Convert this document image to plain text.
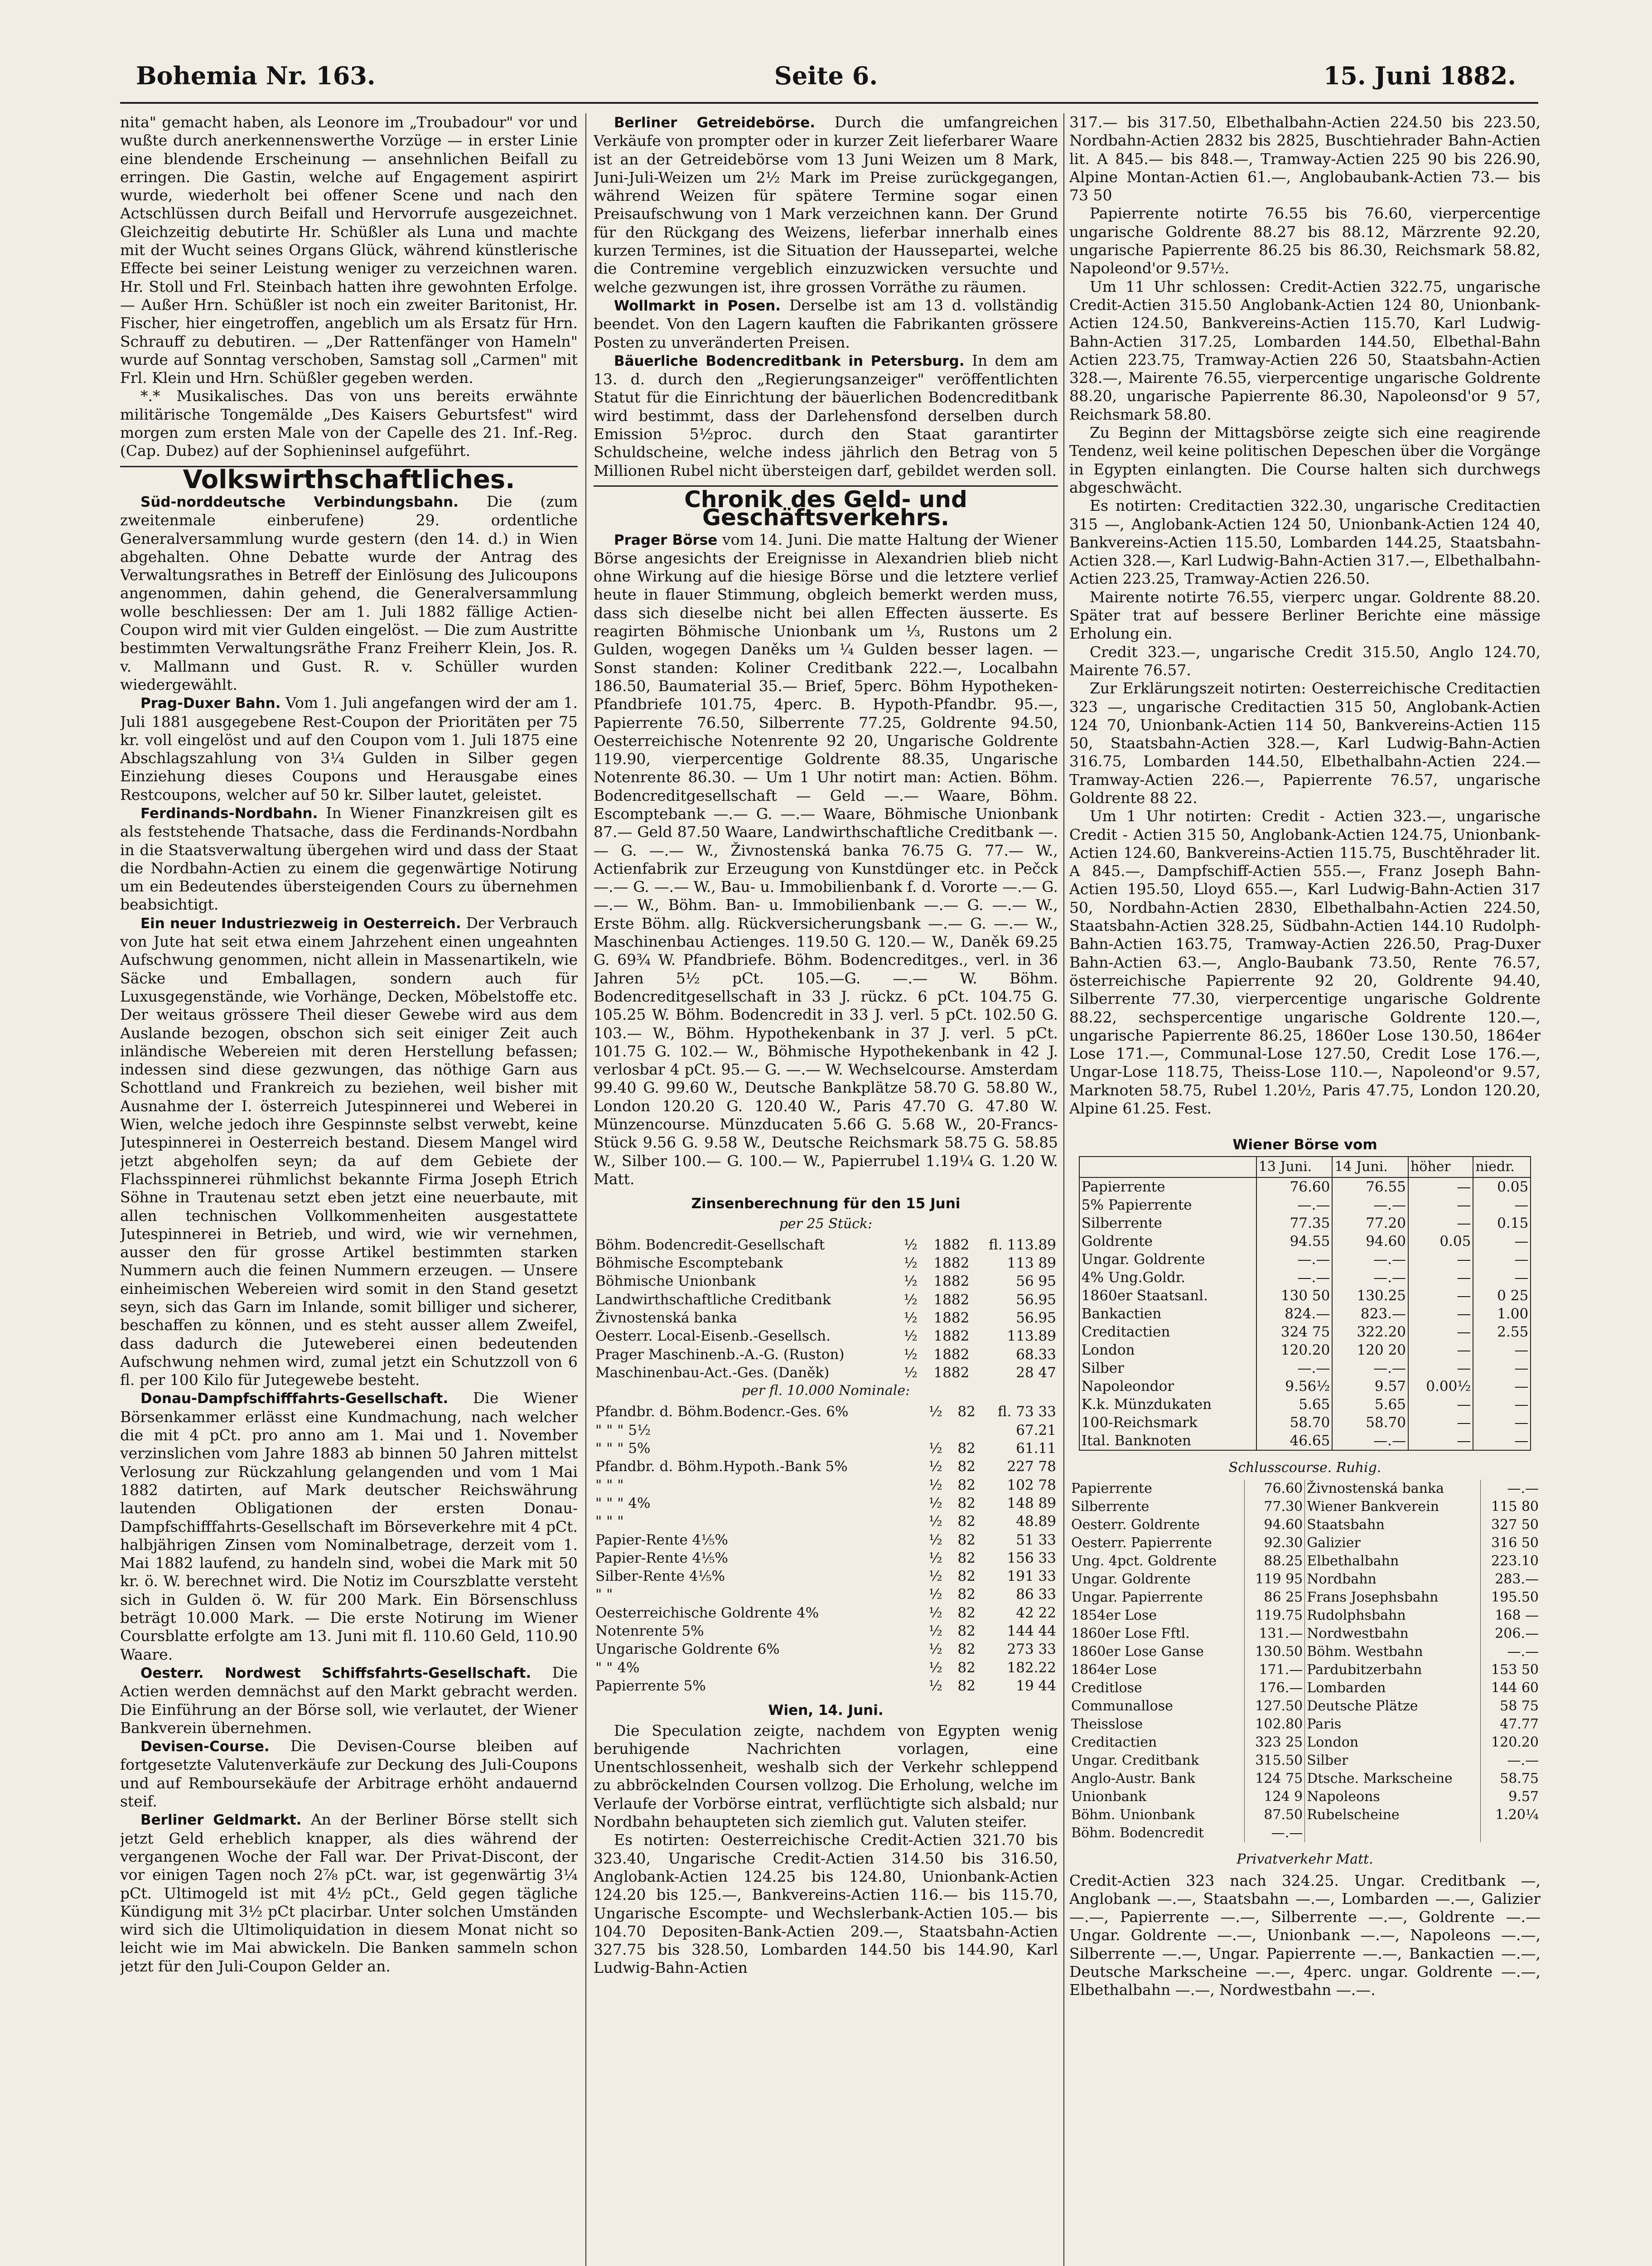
Bohemia Nr. 163.	Seite 6.	15. Juni 1882.

nita" gemacht haben, als Leonore im „Troubadour" vor und wußte durch anerkennenswerthe Vorzüge — in erster Linie eine blendende Erscheinung — ansehnlichen Beifall zu erringen. Die Gastin, welche auf Engagement aspirirt wurde, wiederholt bei offener Scene und nach den Actschlüssen durch Beifall und Hervorrufe ausgezeichnet. Gleichzeitig debutirte Hr. Schüßler als Luna und machte mit der Wucht seines Organs Glück, während künstlerische Effecte bei seiner Leistung weniger zu verzeichnen waren. Hr. Stoll und Frl. Steinbach hatten ihre gewohnten Erfolge. — Außer Hrn. Schüßler ist noch ein zweiter Baritonist, Hr. Fischer, hier eingetroffen, angeblich um als Ersatz für Hrn. Schrauff zu debutiren. — „Der Rattenfänger von Hameln" wurde auf Sonntag verschoben, Samstag soll „Carmen" mit Frl. Klein und Hrn. Schüßler gegeben werden.

*.* Musikalisches. Das von uns bereits erwähnte militärische Tongemälde „Des Kaisers Geburtsfest" wird morgen zum ersten Male von der Capelle des 21. Inf.-Reg. (Cap. Dubez) auf der Sophieninsel aufgeführt.

Volkswirthschaftliches.

Süd-norddeutsche Verbindungsbahn. Die (zum zweitenmale einberufene) 29. ordentliche Generalversammlung wurde gestern (den 14. d.) in Wien abgehalten. Ohne Debatte wurde der Antrag des Verwaltungsrathes in Betreff der Einlösung des Julicoupons angenommen, dahin gehend, die Generalversammlung wolle beschliessen: Der am 1. Juli 1882 fällige Actien-Coupon wird mit vier Gulden eingelöst. — Die zum Austritte bestimmten Verwaltungsräthe Franz Freiherr Klein, Jos. R. v. Mallmann und Gust. R. v. Schüller wurden wiedergewählt.

Prag-Duxer Bahn. Vom 1. Juli angefangen wird der am 1. Juli 1881 ausgegebene Rest-Coupon der Prioritäten per 75 kr. voll eingelöst und auf den Coupon vom 1. Juli 1875 eine Abschlagszahlung von 3¼ Gulden in Silber gegen Einziehung dieses Coupons und Herausgabe eines Restcoupons, welcher auf 50 kr. Silber lautet, geleistet.

Ferdinands-Nordbahn. In Wiener Finanzkreisen gilt es als feststehende Thatsache, dass die Ferdinands-Nordbahn in die Staatsverwaltung übergehen wird und dass der Staat die Nordbahn-Actien zu einem die gegenwärtige Notirung um ein Bedeutendes übersteigenden Cours zu übernehmen beabsichtigt.

Ein neuer Industriezweig in Oesterreich. Der Verbrauch von Jute hat seit etwa einem Jahrzehent einen ungeahnten Aufschwung genommen, nicht allein in Massenartikeln, wie Säcke und Emballagen, sondern auch für Luxusgegenstände, wie Vorhänge, Decken, Möbelstoffe etc. Der weitaus grössere Theil dieser Gewebe wird aus dem Auslande bezogen, obschon sich seit einiger Zeit auch inländische Webereien mit deren Herstellung befassen; indessen sind diese gezwungen, das nöthige Garn aus Schottland und Frankreich zu beziehen, weil bisher mit Ausnahme der I. österreich Jutespinnerei und Weberei in Wien, welche jedoch ihre Gespinnste selbst verwebt, keine Jutespinnerei in Oesterreich bestand. Diesem Mangel wird jetzt abgeholfen seyn; da auf dem Gebiete der Flachsspinnerei rühmlichst bekannte Firma Joseph Etrich Söhne in Trautenau setzt eben jetzt eine neuerbaute, mit allen technischen Vollkommenheiten ausgestattete Jutespinnerei in Betrieb, und wird, wie wir vernehmen, ausser den für grosse Artikel bestimmten starken Nummern auch die feinen Nummern erzeugen. — Unsere einheimischen Webereien wird somit in den Stand gesetzt seyn, sich das Garn im Inlande, somit billiger und sicherer, beschaffen zu können, und es steht ausser allem Zweifel, dass dadurch die Juteweberei einen bedeutenden Aufschwung nehmen wird, zumal jetzt ein Schutzzoll von 6 fl. per 100 Kilo für Jutegewebe besteht.

Donau-Dampfschifffahrts-Gesellschaft. Die Wiener Börsenkammer erlässt eine Kundmachung, nach welcher die mit 4 pCt. pro anno am 1. Mai und 1. November verzinslichen vom Jahre 1883 ab binnen 50 Jahren mittelst Verlosung zur Rückzahlung gelangenden und vom 1 Mai 1882 datirten, auf Mark deutscher Reichswährung lautenden Obligationen der ersten Donau-Dampfschifffahrts-Gesellschaft im Börseverkehre mit 4 pCt. halbjährigen Zinsen vom Nominalbetrage, derzeit vom 1. Mai 1882 laufend, zu handeln sind, wobei die Mark mit 50 kr. ö. W. berechnet wird. Die Notiz im Courszblatte versteht sich in Gulden ö. W. für 200 Mark. Ein Börsenschluss beträgt 10.000 Mark. — Die erste Notirung im Wiener Coursblatte erfolgte am 13. Juni mit fl. 110.60 Geld, 110.90 Waare.

Oesterr. Nordwest Schiffsfahrts-Gesellschaft. Die Actien werden demnächst auf den Markt gebracht werden. Die Einführung an der Börse soll, wie verlautet, der Wiener Bankverein übernehmen.

Devisen-Course. Die Devisen-Course bleiben auf fortgesetzte Valutenverkäufe zur Deckung des Juli-Coupons und auf Remboursekäufe der Arbitrage erhöht andauernd steif.

Berliner Geldmarkt. An der Berliner Börse stellt sich jetzt Geld erheblich knapper, als dies während der vergangenen Woche der Fall war. Der Privat-Discont, der vor einigen Tagen noch 2⅞ pCt. war, ist gegenwärtig 3¼ pCt. Ultimogeld ist mit 4½ pCt., Geld gegen tägliche Kündigung mit 3½ pCt placirbar. Unter solchen Umständen wird sich die Ultimoliquidation in diesem Monat nicht so leicht wie im Mai abwickeln. Die Banken sammeln schon jetzt für den Juli-Coupon Gelder an.

Berliner Getreidebörse. Durch die umfangreichen Verkäufe von prompter oder in kurzer Zeit lieferbarer Waare ist an der Getreidebörse vom 13 Juni Weizen um 8 Mark, Juni-Juli-Weizen um 2½ Mark im Preise zurückgegangen, während Weizen für spätere Termine sogar einen Preisaufschwung von 1 Mark verzeichnen kann. Der Grund für den Rückgang des Weizens, lieferbar innerhalb eines kurzen Termines, ist die Situation der Haussepartei, welche die Contremine vergeblich einzuzwicken versuchte und welche gezwungen ist, ihre grossen Vorräthe zu räumen.

Wollmarkt in Posen. Derselbe ist am 13 d. vollständig beendet. Von den Lagern kauften die Fabrikanten grössere Posten zu unveränderten Preisen.

Bäuerliche Bodencreditbank in Petersburg. In dem am 13. d. durch den „Regierungsanzeiger" veröffentlichten Statut für die Einrichtung der bäuerlichen Bodencreditbank wird bestimmt, dass der Darlehensfond derselben durch Emission 5½proc. durch den Staat garantirter Schuldscheine, welche indess jährlich den Betrag von 5 Millionen Rubel nicht übersteigen darf, gebildet werden soll.

Chronik des Geld- und Geschäftsverkehrs.

Prager Börse vom 14. Juni. Die matte Haltung der Wiener Börse angesichts der Ereignisse in Alexandrien blieb nicht ohne Wirkung auf die hiesige Börse und die letztere verlief heute in flauer Stimmung, obgleich bemerkt werden muss, dass sich dieselbe nicht bei allen Effecten äusserte. Es reagirten Böhmische Unionbank um ⅓, Rustons um 2 Gulden, wogegen Daněks um ¼ Gulden besser lagen. — Sonst standen: Koliner Creditbank 222.—, Localbahn 186.50, Baumaterial 35.— Brief, 5perc. Böhm Hypotheken-Pfandbriefe 101.75, 4perc. B. Hypoth-Pfandbr. 95.—, Papierrente 76.50, Silberrente 77.25, Goldrente 94.50, Oesterreichische Notenrente 92 20, Ungarische Goldrente 119.90, vierpercentige Goldrente 88.35, Ungarische Notenrente 86.30. — Um 1 Uhr notirt man: Actien. Böhm. Bodencreditgesellschaft — Geld —.— Waare, Böhm. Escomptebank —.— G. —.— Waare, Böhmische Unionbank 87.— Geld 87.50 Waare, Landwirthschaftliche Creditbank —.— G. —.— W., Živnostenská banka 76.75 G. 77.— W., Actienfabrik zur Erzeugung von Kunstdünger etc. in Pečck —.— G. —.— W., Bau- u. Immobilienbank f. d. Vororte —.— G. —.— W., Böhm. Ban- u. Immobilienbank —.— G. —.— W., Erste Böhm. allg. Rückversicherungsbank —.— G. —.— W., Maschinenbau Actienges. 119.50 G. 120.— W., Daněk 69.25 G. 69¾ W. Pfandbriefe. Böhm. Bodencreditges., verl. in 36 Jahren 5½ pCt. 105.—G. —.— W. Böhm. Bodencreditgesellschaft in 33 J. rückz. 6 pCt. 104.75 G. 105.25 W. Böhm. Bodencredit in 33 J. verl. 5 pCt. 102.50 G. 103.— W., Böhm. Hypothekenbank in 37 J. verl. 5 pCt. 101.75 G. 102.— W., Böhmische Hypothekenbank in 42 J. verlosbar 4 pCt. 95.— G. —.— W. Wechselcourse. Amsterdam 99.40 G. 99.60 W., Deutsche Bankplätze 58.70 G. 58.80 W., London 120.20 G. 120.40 W., Paris 47.70 G. 47.80 W. Münzencourse. Münzducaten 5.66 G. 5.68 W., 20-Francs-Stück 9.56 G. 9.58 W., Deutsche Reichsmark 58.75 G. 58.85 W., Silber 100.— G. 100.— W., Papierrubel 1.19¼ G. 1.20 W. Matt.

Zinsenberechnung für den 15 Juni
per 25 Stück:
Böhm. Bodencredit-Gesellschaft	½	1882	fl. 113.89
Böhmische Escomptebank	½	1882	113 89
Böhmische Unionbank	½	1882	56 95
Landwirthschaftliche Creditbank	½	1882	56.95
Živnostenská banka	½	1882	56.95
Oesterr. Local-Eisenb.-Gesellsch.	½	1882	113.89
Prager Maschinenb.-A.-G. (Ruston)	½	1882	68.33
Maschinenbau-Act.-Ges. (Daněk)	½	1882	28 47
per fl. 10.000 Nominale:
Pfandbr. d. Böhm.Bodencr.-Ges. 6%	½	82	fl. 73 33
" " " 5½			67.21
" " " 5%	½	82	61.11
Pfandbr. d. Böhm.Hypoth.-Bank 5%	½	82	227 78
" " "	½	82	102 78
" " " 4%	½	82	148 89
" " "	½	82	48.89
Papier-Rente 4⅕%	½	82	51 33
Papier-Rente 4⅕%	½	82	156 33
Silber-Rente 4⅕%	½	82	191 33
" "	½	82	86 33
Oesterreichische Goldrente 4%	½	82	42 22
Notenrente 5%	½	82	144 44
Ungarische Goldrente 6%	½	82	273 33
" " 4%	½	82	182.22
Papierrente 5%	½	82	19 44
Wien, 14. Juni.

Die Speculation zeigte, nachdem von Egypten wenig beruhigende Nachrichten vorlagen, eine Unentschlossenheit, weshalb sich der Verkehr schleppend zu abbröckelnden Coursen vollzog. Die Erholung, welche im Verlaufe der Vorbörse eintrat, verflüchtigte sich alsbald; nur Nordbahn behaupteten sich ziemlich gut. Valuten steifer.

Es notirten: Oesterreichische Credit-Actien 321.70 bis 323.40, Ungarische Credit-Actien 314.50 bis 316.50, Anglobank-Actien 124.25 bis 124.80, Unionbank-Actien 124.20 bis 125.—, Bankvereins-Actien 116.— bis 115.70, Ungarische Escompte- und Wechslerbank-Actien 105.— bis 104.70 Depositen-Bank-Actien 209.—, Staatsbahn-Actien 327.75 bis 328.50, Lombarden 144.50 bis 144.90, Karl Ludwig-Bahn-Actien

317.— bis 317.50, Elbethalbahn-Actien 224.50 bis 223.50, Nordbahn-Actien 2832 bis 2825, Buschtiehrader Bahn-Actien lit. A 845.— bis 848.—, Tramway-Actien 225 90 bis 226.90, Alpine Montan-Actien 61.—, Anglobaubank-Actien 73.— bis 73 50

Papierrente notirte 76.55 bis 76.60, vierpercentige ungarische Goldrente 88.27 bis 88.12, Märzrente 92.20, ungarische Papierrente 86.25 bis 86.30, Reichsmark 58.82, Napoleond'or 9.57½.

Um 11 Uhr schlossen: Credit-Actien 322.75, ungarische Credit-Actien 315.50 Anglobank-Actien 124 80, Unionbank-Actien 124.50, Bankvereins-Actien 115.70, Karl Ludwig-Bahn-Actien 317.25, Lombarden 144.50, Elbethal-Bahn Actien 223.75, Tramway-Actien 226 50, Staatsbahn-Actien 328.—, Mairente 76.55, vierpercentige ungarische Goldrente 88.20, ungarische Papierrente 86.30, Napoleonsd'or 9 57, Reichsmark 58.80.

Zu Beginn der Mittagsbörse zeigte sich eine reagirende Tendenz, weil keine politischen Depeschen über die Vorgänge in Egypten einlangten. Die Course halten sich durchwegs abgeschwächt.

Es notirten: Creditactien 322.30, ungarische Creditactien 315 —, Anglobank-Actien 124 50, Unionbank-Actien 124 40, Bankvereins-Actien 115.50, Lombarden 144.25, Staatsbahn-Actien 328.—, Karl Ludwig-Bahn-Actien 317.—, Elbethalbahn-Actien 223.25, Tramway-Actien 226.50.

Mairente notirte 76.55, vierperc ungar. Goldrente 88.20. Später trat auf bessere Berliner Berichte eine mässige Erholung ein.

Credit 323.—, ungarische Credit 315.50, Anglo 124.70, Mairente 76.57.

Zur Erklärungszeit notirten: Oesterreichische Creditactien 323 —, ungarische Creditactien 315 50, Anglobank-Actien 124 70, Unionbank-Actien 114 50, Bankvereins-Actien 115 50, Staatsbahn-Actien 328.—, Karl Ludwig-Bahn-Actien 316.75, Lombarden 144.50, Elbethalbahn-Actien 224.— Tramway-Actien 226.—, Papierrente 76.57, ungarische Goldrente 88 22.

Um 1 Uhr notirten: Credit - Actien 323.—, ungarische Credit - Actien 315 50, Anglobank-Actien 124.75, Unionbank-Actien 124.60, Bankvereins-Actien 115.75, Buschtěhrader lit. A 845.—, Dampfschiff-Actien 555.—, Franz Joseph Bahn-Actien 195.50, Lloyd 655.—, Karl Ludwig-Bahn-Actien 317 50, Nordbahn-Actien 2830, Elbethalbahn-Actien 224.50, Staatsbahn-Actien 328.25, Südbahn-Actien 144.10 Rudolph-Bahn-Actien 163.75, Tramway-Actien 226.50, Prag-Duxer Bahn-Actien 63.—, Anglo-Baubank 73.50, Rente 76.57, österreichische Papierrente 92 20, Goldrente 94.40, Silberrente 77.30, vierpercentige ungarische Goldrente 88.22, sechspercentige ungarische Goldrente 120.—, ungarische Papierrente 86.25, 1860er Lose 130.50, 1864er Lose 171.—, Communal-Lose 127.50, Credit Lose 176.—, Ungar-Lose 118.75, Theiss-Lose 110.—, Napoleond'or 9.57, Marknoten 58.75, Rubel 1.20½, Paris 47.75, London 120.20, Alpine 61.25. Fest.

Wiener Börse vom
	13 Juni.	14 Juni.	höher	niedr.
Papierrente	76.60	76.55	—	0.05
5% Papierrente	—.—	—.—	—	—
Silberrente	77.35	77.20	—	0.15
Goldrente	94.55	94.60	0.05	—
Ungar. Goldrente	—.—	—.—	—	—
4% Ung.Goldr.	—.—	—.—	—	—
1860er Staatsanl.	130 50	130.25	—	0 25
Bankactien	824.—	823.—	—	1.00
Creditactien	324 75	322.20	—	2.55
London	120.20	120 20	—	—
Silber	—.—	—.—	—	—
Napoleondor	9.56½	9.57	0.00½	—
K.k. Münzdukaten	5.65	5.65	—	—
100-Reichsmark	58.70	58.70	—	—
Ital. Banknoten	46.65	—.—	—	—
Schlusscourse. Ruhig.
Papierrente	76.60	Živnostenská banka	—.—
Silberrente	77.30	Wiener Bankverein	115 80
Oesterr. Goldrente	94.60	Staatsbahn	327 50
Oesterr. Papierrente	92.30	Galizier	316 50
Ung. 4pct. Goldrente	88.25	Elbethalbahn	223.10
Ungar. Goldrente	119 95	Nordbahn	283.—
Ungar. Papierrente	86 25	Frans Josephsbahn	195.50
1854er Lose	119.75	Rudolphsbahn	168 —
1860er Lose Fftl.	131.—	Nordwestbahn	206.—
1860er Lose Ganse	130.50	Böhm. Westbahn	—.—
1864er Lose	171.—	Pardubitzerbahn	153 50
Creditlose	176.—	Lombarden	144 60
Communallose	127.50	Deutsche Plätze	58 75
Theisslose	102.80	Paris	47.77
Creditactien	323 25	London	120.20
Ungar. Creditbank	315.50	Silber	—.—
Anglo-Austr. Bank	124 75	Dtsche. Markscheine	58.75
Unionbank	124 9	Napoleons	9.57
Böhm. Unionbank	87.50	Rubelscheine	1.20¼
Böhm. Bodencredit	—.—		
Privatverkehr Matt.

Credit-Actien 323 nach 324.25. Ungar. Creditbank —, Anglobank —.—, Staatsbahn —.—, Lombarden —.—, Galizier —.—, Papierrente —.—, Silberrente —.—, Goldrente —.— Ungar. Goldrente —.—, Unionbank —.—, Napoleons —.—, Silberrente —.—, Ungar. Papierrente —.—, Bankactien —.—, Deutsche Markscheine —.—, 4perc. ungar. Goldrente —.—, Elbethalbahn —.—, Nordwestbahn —.—.
